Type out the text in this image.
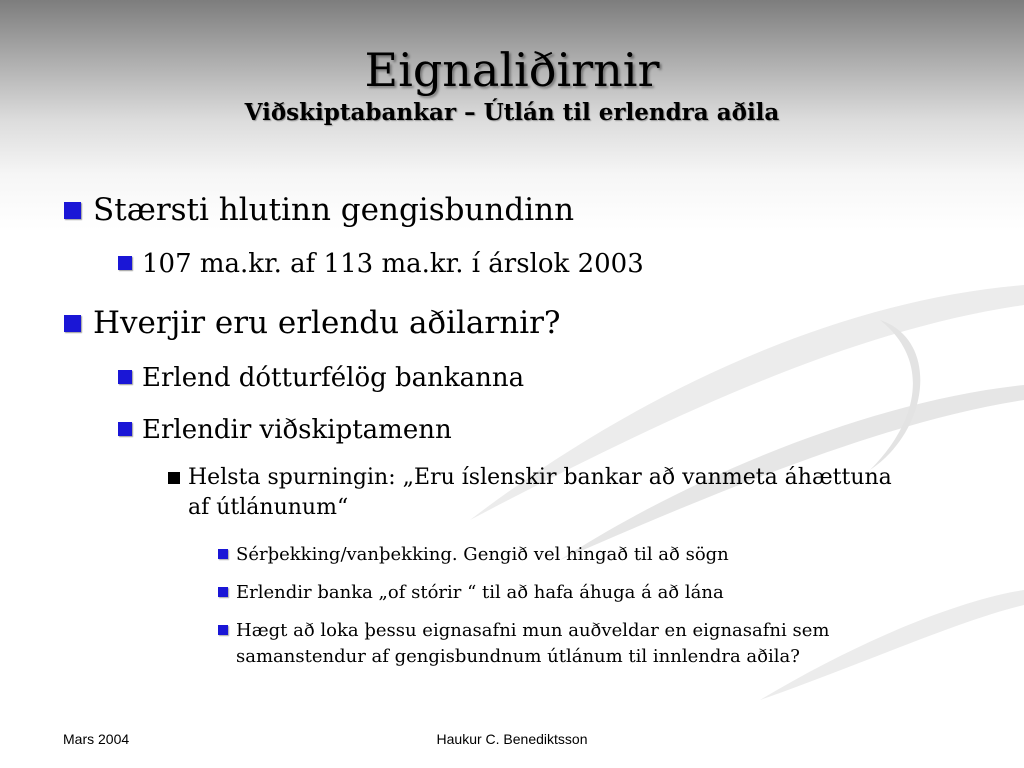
Eignaliðirnir
Viðskiptabankar – Útlán til erlendra aðila
Stærsti hlutinn gengisbundinn
107 ma.kr. af 113 ma.kr. í árslok 2003
Hverjir eru erlendu aðilarnir?
Erlend dótturfélög bankanna
Erlendir viðskiptamenn
Helsta spurningin: „Eru íslenskir bankar að vanmeta áhættuna af útlánunum“
Sérþekking/vanþekking. Gengið vel hingað til að sögn
Erlendir banka „of stórir “ til að hafa áhuga á að lána
Hægt að loka þessu eignasafni mun auðveldar en eignasafni sem samanstendur af gengisbundnum útlánum til innlendra aðila?
Mars 2004	Haukur C. Benediktsson
